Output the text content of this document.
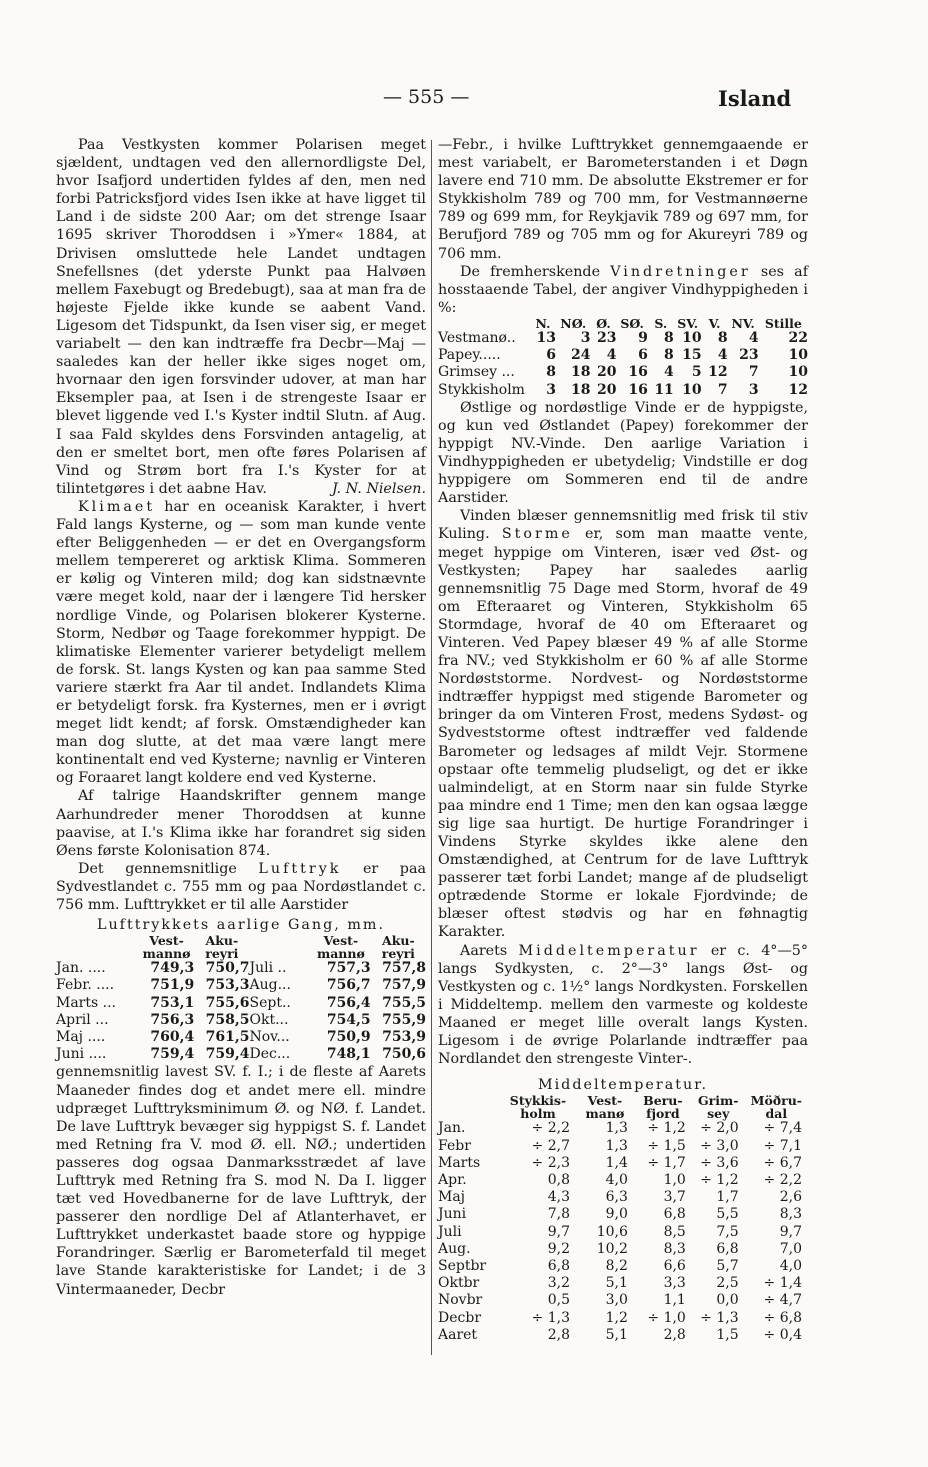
— 555 —	Island

Paa Vestkysten kommer Polarisen meget sjældent, undtagen ved den allernordligste Del, hvor Isafjord undertiden fyldes af den, men ned forbi Patricksfjord vides Isen ikke at have ligget til Land i de sidste 200 Aar; om det strenge Isaar 1695 skriver Thoroddsen i »Ymer« 1884, at Drivisen omsluttede hele Landet undtagen Snefellsnes (det yderste Punkt paa Halvøen mellem Faxebugt og Bredebugt), saa at man fra de højeste Fjelde ikke kunde se aabent Vand. Ligesom det Tidspunkt, da Isen viser sig, er meget variabelt — den kan indtræffe fra Decbr—Maj — saaledes kan der heller ikke siges noget om, hvornaar den igen forsvinder udover, at man har Eksempler paa, at Isen i de strengeste Isaar er blevet liggende ved I.'s Kyster indtil Slutn. af Aug. I saa Fald skyldes dens Forsvinden antagelig, at den er smeltet bort, men ofte føres Polarisen af Vind og Strøm bort fra I.'s Kyster for at tilintetgøres i det aabne Hav.	J. N. Nielsen.

Klimaet har en oceanisk Karakter, i hvert Fald langs Kysterne, og — som man kunde vente efter Beliggenheden — er det en Overgangsform mellem tempereret og arktisk Klima. Sommeren er kølig og Vinteren mild; dog kan sidstnævnte være meget kold, naar der i længere Tid hersker nordlige Vinde, og Polarisen blokerer Kysterne. Storm, Nedbør og Taage forekommer hyppigt. De klimatiske Elementer varierer betydeligt mellem de forsk. St. langs Kysten og kan paa samme Sted variere stærkt fra Aar til andet. Indlandets Klima er betydeligt forsk. fra Kysternes, men er i øvrigt meget lidt kendt; af forsk. Omstændigheder kan man dog slutte, at det maa være langt mere kontinentalt end ved Kysterne; navnlig er Vinteren og Foraaret langt koldere end ved Kysterne.

Af talrige Haandskrifter gennem mange Aarhundreder mener Thoroddsen at kunne paavise, at I.'s Klima ikke har forandret sig siden Øens første Kolonisation 874.

Det gennemsnitlige Lufttryk er paa Sydvestlandet c. 755 mm og paa Nordøstlandet c. 756 mm. Lufttrykket er til alle Aarstider

Lufttrykkets aarlige Gang, mm.

	Vest-mannø	Aku-reyri		Vest-mannø	Aku-reyri
Jan. ....	749,3	750,7	Juli ..	757,3	757,8
Febr. ....	751,9	753,3	Aug...	756,7	757,9
Marts ...	753,1	755,6	Sept..	756,4	755,5
April ...	756,3	758,5	Okt...	754,5	755,9
Maj ....	760,4	761,5	Nov...	750,9	753,9
Juni ....	759,4	759,4	Dec...	748,1	750,6

gennemsnitlig lavest SV. f. I.; i de fleste af Aarets Maaneder findes dog et andet mere ell. mindre udpræget Lufttryksminimum Ø. og NØ. f. Landet. De lave Lufttryk bevæger sig hyppigst S. f. Landet med Retning fra V. mod Ø. ell. NØ.; undertiden passeres dog ogsaa Danmarksstrædet af lave Lufttryk med Retning fra S. mod N. Da I. ligger tæt ved Hovedbanerne for de lave Lufttryk, der passerer den nordlige Del af Atlanterhavet, er Lufttrykket underkastet baade store og hyppige Forandringer. Særlig er Barometerfald til meget lave Stande karakteristiske for Landet; i de 3 Vintermaaneder, Decbr

—Febr., i hvilke Lufttrykket gennemgaaende er mest variabelt, er Barometerstanden i et Døgn lavere end 710 mm. De absolutte Ekstremer er for Stykkisholm 789 og 700 mm, for Vestmannøerne 789 og 699 mm, for Reykjavik 789 og 697 mm, for Berufjord 789 og 705 mm og for Akureyri 789 og 706 mm.

De fremherskende Vindretninger ses af hosstaaende Tabel, der angiver Vindhyppigheden i %:

	N.	NØ.	Ø.	SØ.	S.	SV.	V.	NV.	Stille
Vestmanø..	13	3	23	9	8	10	8	4	22
Papey.....	6	24	4	6	8	15	4	23	10
Grimsey ...	8	18	20	16	4	5	12	7	10
Stykkisholm	3	18	20	16	11	10	7	3	12

Østlige og nordøstlige Vinde er de hyppigste, og kun ved Østlandet (Papey) forekommer der hyppigt NV.-Vinde. Den aarlige Variation i Vindhyppigheden er ubetydelig; Vindstille er dog hyppigere om Sommeren end til de andre Aarstider.

Vinden blæser gennemsnitlig med frisk til stiv Kuling. Storme er, som man maatte vente, meget hyppige om Vinteren, især ved Øst- og Vestkysten; Papey har saaledes aarlig gennemsnitlig 75 Dage med Storm, hvoraf de 49 om Efteraaret og Vinteren, Stykkisholm 65 Stormdage, hvoraf de 40 om Efteraaret og Vinteren. Ved Papey blæser 49 % af alle Storme fra NV.; ved Stykkisholm er 60 % af alle Storme Nordøststorme. Nordvest- og Nordøststorme indtræffer hyppigst med stigende Barometer og bringer da om Vinteren Frost, medens Sydøst- og Sydveststorme oftest indtræffer ved faldende Barometer og ledsages af mildt Vejr. Stormene opstaar ofte temmelig pludseligt, og det er ikke ualmindeligt, at en Storm naar sin fulde Styrke paa mindre end 1 Time; men den kan ogsaa lægge sig lige saa hurtigt. De hurtige Forandringer i Vindens Styrke skyldes ikke alene den Omstændighed, at Centrum for de lave Lufttryk passerer tæt forbi Landet; mange af de pludseligt optrædende Storme er lokale Fjordvinde; de blæser oftest stødvis og har en føhnagtig Karakter.

Aarets Middeltemperatur er c. 4°—5° langs Sydkysten, c. 2°—3° langs Øst- og Vestkysten og c. 1½° langs Nordkysten. Forskellen i Middeltemp. mellem den varmeste og koldeste Maaned er meget lille overalt langs Kysten. Ligesom i de øvrige Polarlande indtræffer paa Nordlandet den strengeste Vinter-.

Middeltemperatur.

	Stykkis-holm	Vest-manø	Beru-fjord	Grim-sey	Möðru-dal
Jan.	÷ 2,2	1,3	÷ 1,2	÷ 2,0	÷ 7,4
Febr	÷ 2,7	1,3	÷ 1,5	÷ 3,0	÷ 7,1
Marts	÷ 2,3	1,4	÷ 1,7	÷ 3,6	÷ 6,7
Apr.	0,8	4,0	1,0	÷ 1,2	÷ 2,2
Maj	4,3	6,3	3,7	1,7	2,6
Juni	7,8	9,0	6,8	5,5	8,3
Juli	9,7	10,6	8,5	7,5	9,7
Aug.	9,2	10,2	8,3	6,8	7,0
Septbr	6,8	8,2	6,6	5,7	4,0
Oktbr	3,2	5,1	3,3	2,5	÷ 1,4
Novbr	0,5	3,0	1,1	0,0	÷ 4,7
Decbr	÷ 1,3	1,2	÷ 1,0	÷ 1,3	÷ 6,8
Aaret	2,8	5,1	2,8	1,5	÷ 0,4
